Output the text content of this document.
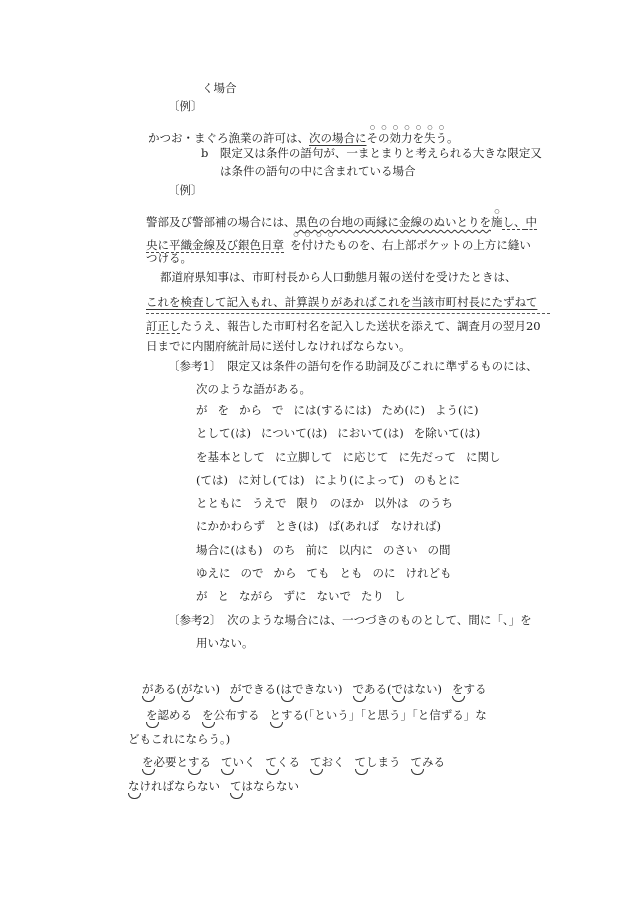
く場合
〔例〕
かつお・まぐろ漁業の許可は、次の場合にその効力を失う。
b　限定又は条件の語句が、一まとまりと考えられる大きな限定又
は条件の語句の中に含まれている場合
〔例〕
警部及び警部補の場合には、黒色の台地の両縁に金線のぬいとりを施し、中
央に平織金線及び銀色日章 を付けたものを、右上部ポケットの上方に縫い
つける。
都道府県知事は、市町村長から人口動態月報の送付を受けたときは、
これを検査して記入もれ、計算誤りがあればこれを当該市町村長にたずねて
訂正したうえ、報告した市町村名を記入した送状を添えて、調査月の翌月20
日までに内閣府統計局に送付しなければならない。
〔参考1〕　限定又は条件の語句を作る助詞及びこれに準ずるものには、
次のような語がある。
が を から で には(するには) ため(に) よう(に)
として(は) について(は) において(は) を除いて(は)
を基本として に立脚して に応じて に先だって に関し
(ては) に対し(ては) により(によって) のもとに
とともに うえで 限り のほか 以外は のうち
にかかわらず とき(は) ば(あれば　なければ)
場合に(はも) のち 前に 以内に のさい の間
ゆえに ので から ても とも のに けれども
が と ながら ずに ないで たり し
〔参考2〕　次のような場合には、一つづきのものとして、間に「、」を
用いない。
がある(がない) ができる(はできない) である(ではない) をする
を認める を公布する とする(「という」「と思う」「と信ずる」な
どもこれにならう。)
を必要とする ていく てくる ておく てしまう てみる
なければならない てはならない
